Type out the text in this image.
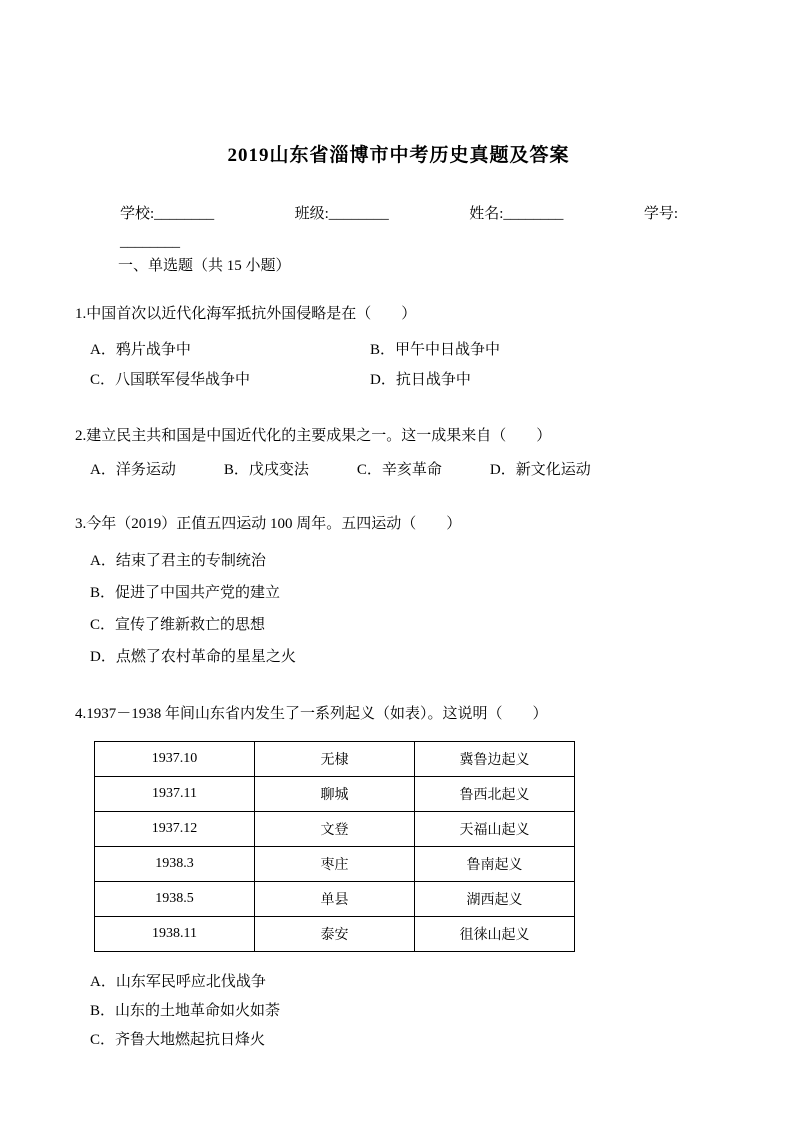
2019山东省淄博市中考历史真题及答案
学校:________	班级:________	姓名:________	学号:
________
一、单选题（共 15 小题）

1.中国首次以近代化海军抵抗外国侵略是在（　　）

A．鸦片战争中	B．甲午中日战争中
C．八国联军侵华战争中	D．抗日战争中

2.建立民主共和国是中国近代化的主要成果之一。这一成果来自（　　）

A．洋务运动	B．戊戌变法	C．辛亥革命	D．新文化运动

3.今年（2019）正值五四运动 100 周年。五四运动（　　）

A．结束了君主的专制统治
B．促进了中国共产党的建立
C．宣传了维新救亡的思想
D．点燃了农村革命的星星之火

4.1937－1938 年间山东省内发生了一系列起义（如表）。这说明（　　）

1937.10	无棣	冀鲁边起义
1937.11	聊城	鲁西北起义
1937.12	文登	天福山起义
1938.3	枣庄	鲁南起义
1938.5	单县	湖西起义
1938.11	泰安	徂徕山起义
A．山东军民呼应北伐战争
B．山东的土地革命如火如荼
C．齐鲁大地燃起抗日烽火
